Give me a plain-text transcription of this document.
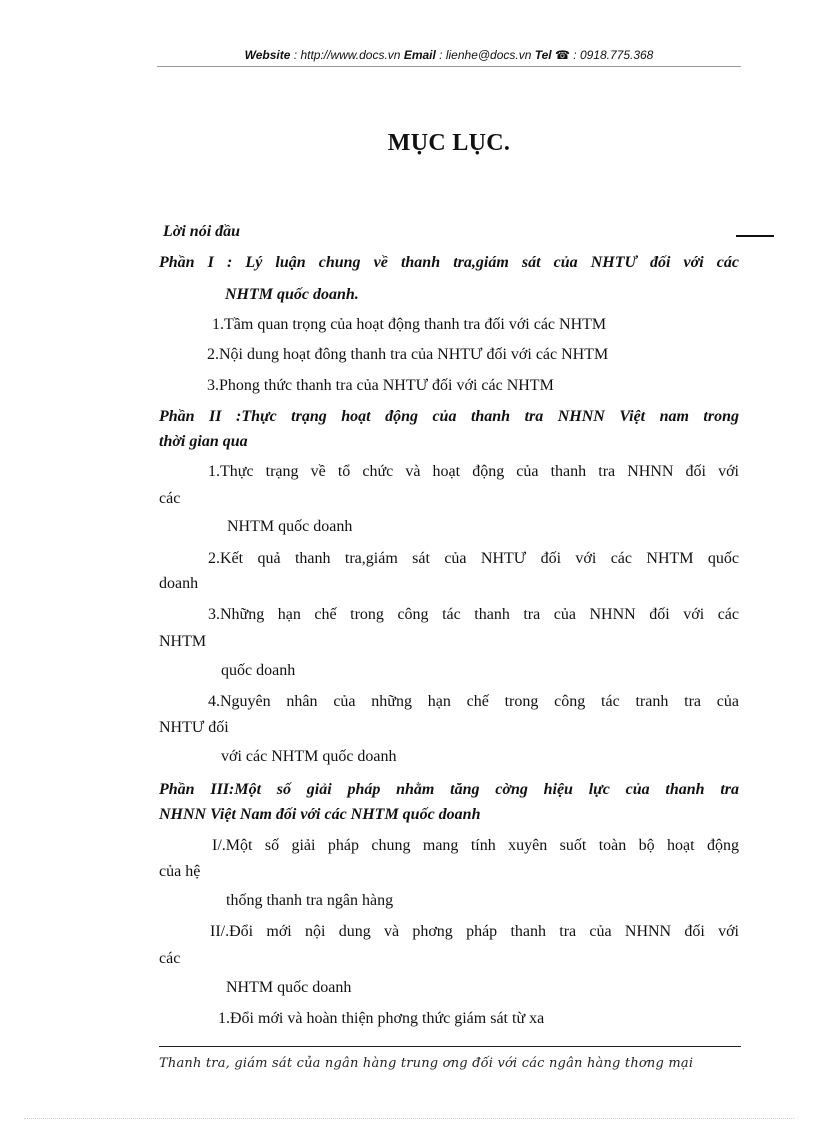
Website : http://www.docs.vn Email : lienhe@docs.vn Tel ☎ : 0918.775.368
MỤC LỤC.
Lời nói đầu
Phần I : Lý luận chung về thanh tra,giám sát của NHTƯ đối với các
NHTM quốc doanh.
1.Tầm quan trọng của hoạt động thanh tra đối với các NHTM
2.Nội dung hoạt đông thanh tra của NHTƯ đối với các NHTM
3.Phong thức thanh tra của NHTƯ đối với các NHTM
Phần II :Thực trạng hoạt động của thanh tra NHNN Việt nam trong
thời gian qua
1.Thực trạng về tổ chức và hoạt động của thanh tra NHNN đối với
các
NHTM quốc doanh
2.Kết quả thanh tra,giám sát của NHTƯ đối với các NHTM quốc
doanh
3.Những hạn chế trong công tác thanh tra của NHNN đối với các
NHTM
quốc doanh
4.Nguyên nhân của những hạn chế trong công tác tranh tra của
NHTƯ đối
với các NHTM quốc doanh
Phần III:Một số giải pháp nhằm tăng cờng hiệu lực của thanh tra
NHNN Việt Nam đối với các NHTM quốc doanh
I/.Một số giải pháp chung mang tính xuyên suốt toàn bộ hoạt động
của hệ
thống thanh tra ngân hàng
II/.Đổi mới nội dung và phơng pháp thanh tra của NHNN đối với
các
NHTM quốc doanh
1.Đổi mới và hoàn thiện phơng thức giám sát từ xa
Thanh tra, giám sát của ngân hàng trung ơng đối với các ngân hàng thơng mại
